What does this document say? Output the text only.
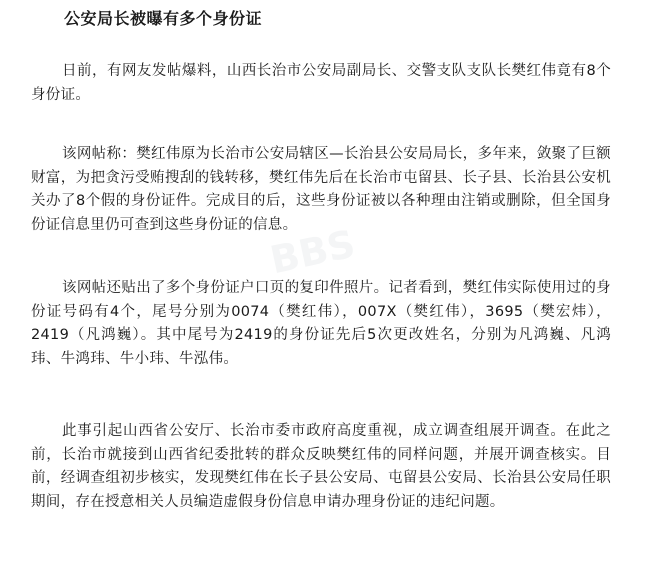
公安局长被曝有多个身份证

日前，有网友发帖爆料，山西长治市公安局副局长、交警支队支队长樊红伟竟有8个身份证。

该网帖称：樊红伟原为长治市公安局辖区—长治县公安局局长，多年来，敛聚了巨额财富，为把贪污受贿搜刮的钱转移，樊红伟先后在长治市屯留县、长子县、长治县公安机关办了8个假的身份证件。完成目的后，这些身份证被以各种理由注销或删除，但全国身份证信息里仍可查到这些身份证的信息。

该网帖还贴出了多个身份证户口页的复印件照片。记者看到，樊红伟实际使用过的身份证号码有4个，尾号分别为0074（樊红伟），007X（樊红伟），3695（樊宏炜），2419（凡鸿巍）。其中尾号为2419的身份证先后5次更改姓名，分别为凡鸿巍、凡鸿玮、牛鸿玮、牛小玮、牛泓伟。

此事引起山西省公安厅、长治市委市政府高度重视，成立调查组展开调查。在此之前，长治市就接到山西省纪委批转的群众反映樊红伟的同样问题，并展开调查核实。目前，经调查组初步核实，发现樊红伟在长子县公安局、屯留县公安局、长治县公安局任职期间，存在授意相关人员编造虚假身份信息申请办理身份证的违纪问题。

BBS
